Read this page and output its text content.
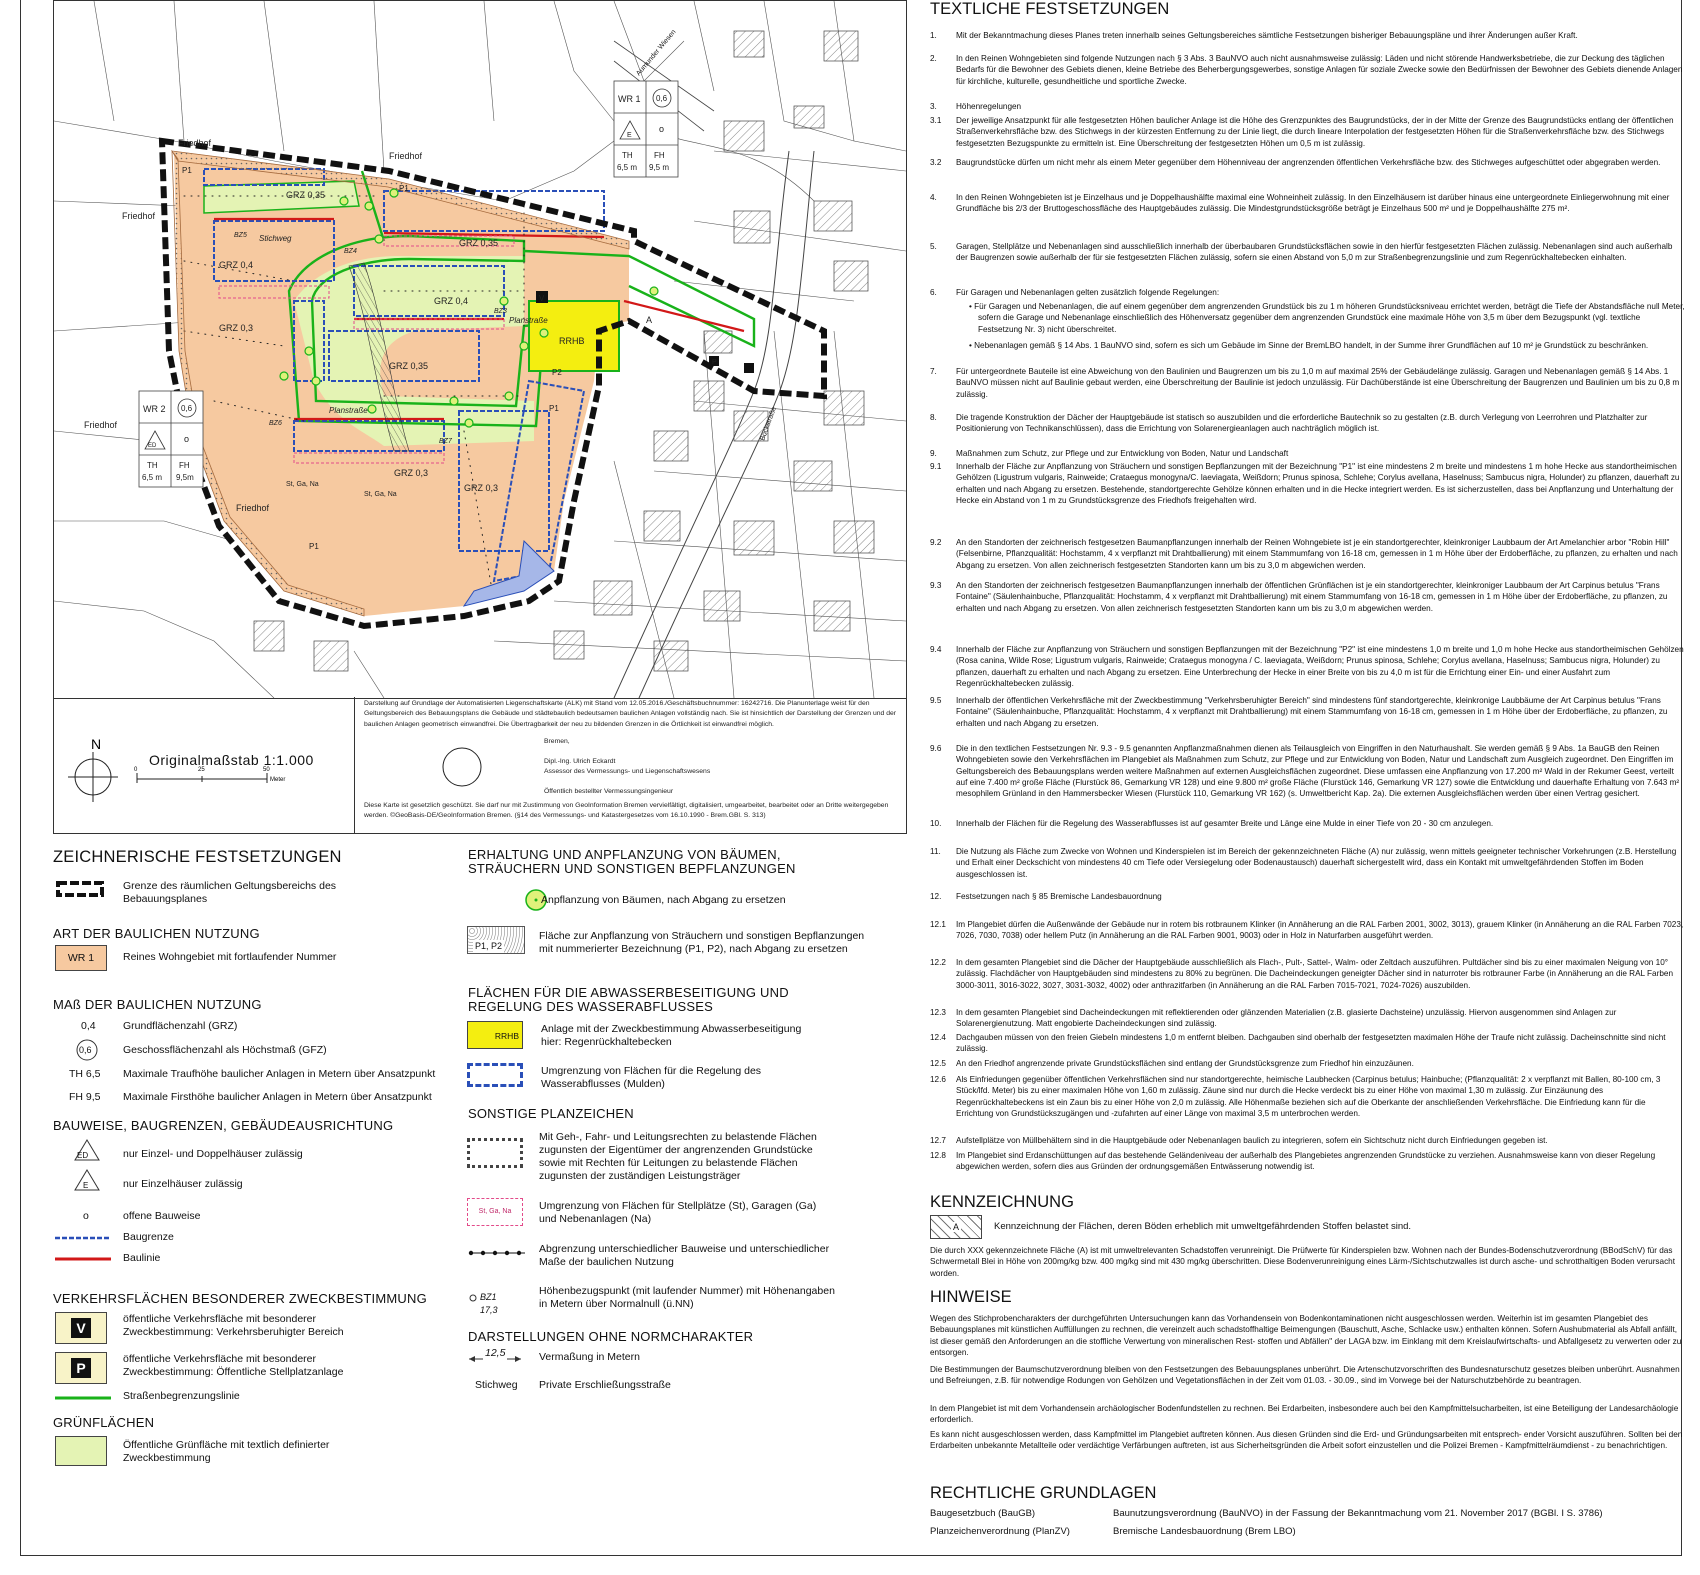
Friedhof
Friedhof
Friedhof
Friedhof
Friedhof
GRZ 0,35
GRZ 0,35
GRZ 0,4
GRZ 0,4
GRZ 0,3
GRZ 0,35
GRZ 0,3
GRZ 0,3
Stichweg
Planstraße
Planstraße
Aumunder Wiesen
Bockstraße
RRHB
P2
P1
P1
P1
P1
A
V
P
BZ5
BZ4
BZ3
BZ6
BZ7
St, Ga, Na
St, Ga, Na
WR 1 0,6
E
o
TH	FH
6,5 m 9,5 m
WR 2 0,6
ED
o
TH	FH
6,5 m 9,5m
N
0	25	50
Meter
Originalmaßstab 1:1.000

Darstellung auf Grundlage der Automatisierten Liegenschaftskarte (ALK) mit Stand vom 12.05.2016./Geschäftsbuchnummer: 16242716. Die Planunterlage weist für den Geltungsbereich des Bebauungsplans die Gebäude und städtebaulich bedeutsamen baulichen Anlagen vollständig nach. Sie ist hinsichtlich der Darstellung der Grenzen und der baulichen Anlagen geometrisch einwandfrei. Die Übertragbarkeit der neu zu bildenden Grenzen in die Örtlichkeit ist einwandfrei möglich.

Bremen,
Dipl.-Ing. Ulrich Eckardt
Assessor des Vermessungs- und Liegenschaftswesens
Öffentlich bestellter Vermessungsingenieur

Diese Karte ist gesetzlich geschützt. Sie darf nur mit Zustimmung von GeoInformation Bremen vervielfältigt, digitalisiert, umgearbeitet, bearbeitet oder an Dritte weitergegeben werden. ©GeoBasis-DE/GeoInformation Bremen. (§14 des Vermessungs- und Katastergesetzes vom 16.10.1990 - Brem.GBl. S. 313)

ZEICHNERISCHE FESTSETZUNGEN
Grenze des räumlichen Geltungsbereichs des Bebauungsplanes
ART DER BAULICHEN NUTZUNG
WR 1	Reines Wohngebiet mit fortlaufender Nummer
MAß DER BAULICHEN NUTZUNG
0,4	Grundflächenzahl (GRZ)
0,6	Geschossflächenzahl als Höchstmaß (GFZ)
TH 6,5 Maximale Traufhöhe baulicher Anlagen in Metern über Ansatzpunkt
FH 9,5 Maximale Firsthöhe baulicher Anlagen in Metern über Ansatzpunkt
BAUWEISE, BAUGRENZEN, GEBÄUDEAUSRICHTUNG
ED	nur Einzel- und Doppelhäuser zulässig
E	nur Einzelhäuser zulässig
o	offene Bauweise
Baugrenze
Baulinie
VERKEHRSFLÄCHEN BESONDERER ZWECKBESTIMMUNG
V
öffentliche Verkehrsfläche mit besonderer Zweckbestimmung: Verkehrsberuhigter Bereich
P
öffentliche Verkehrsfläche mit besonderer Zweckbestimmung: Öffentliche Stellplatzanlage
Straßenbegrenzungslinie
GRÜNFLÄCHEN
Öffentliche Grünfläche mit textlich definierter Zweckbestimmung
ERHALTUNG UND ANPFLANZUNG VON BÄUMEN, STRÄUCHERN UND SONSTIGEN BEPFLANZUNGEN
Anpflanzung von Bäumen, nach Abgang zu ersetzen
P1, P2
Fläche zur Anpflanzung von Sträuchern und sonstigen Bepflanzungen mit nummerierter Bezeichnung (P1, P2), nach Abgang zu ersetzen
FLÄCHEN FÜR DIE ABWASSERBESEITIGUNG UND REGELUNG DES WASSERABFLUSSES
RRHB
Anlage mit der Zweckbestimmung Abwasserbeseitigung hier: Regenrückhaltebecken
Umgrenzung von Flächen für die Regelung des Wasserabflusses (Mulden)
SONSTIGE PLANZEICHEN
Mit Geh-, Fahr- und Leitungsrechten zu belastende Flächen zugunsten der Eigentümer der angrenzenden Grundstücke sowie mit Rechten für Leitungen zu belastende Flächen zugunsten der zuständigen Leistungsträger
St, Ga, Na	Umgrenzung von Flächen für Stellplätze (St), Garagen (Ga) und Nebenanlagen (Na)
Abgrenzung unterschiedlicher Bauweise und unterschiedlicher Maße der baulichen Nutzung
BZ1
17,3
Höhenbezugspunkt (mit laufender Nummer) mit Höhenangaben in Metern über Normalnull (ü.NN)
DARSTELLUNGEN OHNE NORMCHARAKTER
12,5	Vermaßung in Metern
Stichweg Private Erschließungsstraße
TEXTLICHE FESTSETZUNGEN
1.	Mit der Bekanntmachung dieses Planes treten innerhalb seines Geltungsbereiches sämtliche Festsetzungen bisheriger Bebauungspläne und ihrer Änderungen außer Kraft.
2.	In den Reinen Wohngebieten sind folgende Nutzungen nach § 3 Abs. 3 BauNVO auch nicht ausnahmsweise zulässig: Läden und nicht störende Handwerksbetriebe, die zur Deckung des täglichen Bedarfs für die Bewohner des Gebiets dienen, kleine Betriebe des Beherbergungsgewerbes, sonstige Anlagen für soziale Zwecke sowie den Bedürfnissen der Bewohner des Gebiets dienende Anlagen für kirchliche, kulturelle, gesundheitliche und sportliche Zwecke.
3.	Höhenregelungen
3.1	Der jeweilige Ansatzpunkt für alle festgesetzten Höhen baulicher Anlage ist die Höhe des Grenzpunktes des Baugrundstücks, der in der Mitte der Grenze des Baugrundstücks entlang der öffentlichen Straßenverkehrsfläche bzw. des Stichwegs in der kürzesten Entfernung zu der Linie liegt, die durch lineare Interpolation der festgesetzten Höhen für die Straßenverkehrsfläche bzw. des Stichwegs festgesetzten Bezugspunkte zu ermitteln ist. Eine Überschreitung der festgesetzten Höhen um 0,5 m ist zulässig.
3.2	Baugrundstücke dürfen um nicht mehr als einem Meter gegenüber dem Höhenniveau der angrenzenden öffentlichen Verkehrsfläche bzw. des Stichweges aufgeschüttet oder abgegraben werden.
4.	In den Reinen Wohngebieten ist je Einzelhaus und je Doppelhaushälfte maximal eine Wohneinheit zulässig. In den Einzelhäusern ist darüber hinaus eine untergeordnete Einliegerwohnung mit einer Grundfläche bis 2/3 der Bruttogeschossfläche des Hauptgebäudes zulässig. Die Mindestgrundstücksgröße beträgt je Einzelhaus 500 m² und je Doppelhaushälfte 275 m².
5.	Garagen, Stellplätze und Nebenanlagen sind ausschließlich innerhalb der überbaubaren Grundstücksflächen sowie in den hierfür festgesetzten Flächen zulässig. Nebenanlagen sind auch außerhalb der Baugrenzen sowie außerhalb der für sie festgesetzten Flächen zulässig, sofern sie einen Abstand von 5,0 m zur Straßenbegrenzungslinie und zum Regenrückhaltebecken einhalten.
6.	Für Garagen und Nebenanlagen gelten zusätzlich folgende Regelungen:
• Für Garagen und Nebenanlagen, die auf einem gegenüber dem angrenzenden Grundstück bis zu 1 m höheren Grundstücksniveau errichtet werden, beträgt die Tiefe der Abstandsfläche null Meter, sofern die Garage und Nebenanlage einschließlich des Höhenversatz gegenüber dem angrenzenden Grundstück eine maximale Höhe von 3,5 m über dem Bezugspunkt (vgl. textliche Festsetzung Nr. 3) nicht überschreitet.
• Nebenanlagen gemäß § 14 Abs. 1 BauNVO sind, sofern es sich um Gebäude im Sinne der BremLBO handelt, in der Summe ihrer Grundflächen auf 10 m² je Grundstück zu beschränken.
7.	Für untergeordnete Bauteile ist eine Abweichung von den Baulinien und Baugrenzen um bis zu 1,0 m auf maximal 25% der Gebäudelänge zulässig. Garagen und Nebenanlagen gemäß § 14 Abs. 1 BauNVO müssen nicht auf Baulinie gebaut werden, eine Überschreitung der Baulinie ist jedoch unzulässig. Für Dachüberstände ist eine Überschreitung der Baugrenzen und Baulinien um bis zu 0,8 m zulässig.
8.	Die tragende Konstruktion der Dächer der Hauptgebäude ist statisch so auszubilden und die erforderliche Bautechnik so zu gestalten (z.B. durch Verlegung von Leerrohren und Platzhalter zur Positionierung von Technikanschlüssen), dass die Errichtung von Solarenergieanlagen auch nachträglich möglich ist.
9.	Maßnahmen zum Schutz, zur Pflege und zur Entwicklung von Boden, Natur und Landschaft
9.1	Innerhalb der Fläche zur Anpflanzung von Sträuchern und sonstigen Bepflanzungen mit der Bezeichnung "P1" ist eine mindestens 2 m breite und mindestens 1 m hohe Hecke aus standortheimischen Gehölzen (Ligustrum vulgaris, Rainweide; Crataegus monogyna/C. laeviagata, Weißdorn; Prunus spinosa, Schlehe; Corylus avellana, Haselnuss; Sambucus nigra, Holunder) zu pflanzen, dauerhaft zu erhalten und nach Abgang zu ersetzen. Bestehende, standortgerechte Gehölze können erhalten und in die Hecke integriert werden. Es ist sicherzustellen, dass bei Anpflanzung und Unterhaltung der Hecke ein Abstand von 1 m zu Grundstücksgrenze des Friedhofs freigehalten wird.
9.2	An den Standorten der zeichnerisch festgesetzen Baumanpflanzungen innerhalb der Reinen Wohngebiete ist je ein standortgerechter, kleinkroniger Laubbaum der Art Amelanchier arbor "Robin Hill" (Felsenbirne, Pflanzqualität: Hochstamm, 4 x verpflanzt mit Drahtballierung) mit einem Stammumfang von 16-18 cm, gemessen in 1 m Höhe über der Erdoberfläche, zu pflanzen, zu erhalten und nach Abgang zu ersetzen. Von allen zeichnerisch festgesetzten Standorten kann um bis zu 3,0 m abgewichen werden.
9.3	An den Standorten der zeichnerisch festgesetzen Baumanpflanzungen innerhalb der öffentlichen Grünflächen ist je ein standortgerechter, kleinkroniger Laubbaum der Art Carpinus betulus "Frans Fontaine" (Säulenhainbuche, Pflanzqualität: Hochstamm, 4 x verpflanzt mit Drahtballierung) mit einem Stammumfang von 16-18 cm, gemessen in 1 m Höhe über der Erdoberfläche, zu pflanzen, zu erhalten und nach Abgang zu ersetzen. Von allen zeichnerisch festgesetzten Standorten kann um bis zu 3,0 m abgewichen werden.
9.4	Innerhalb der Fläche zur Anpflanzung von Sträuchern und sonstigen Bepflanzungen mit der Bezeichnung "P2" ist eine mindestens 1,0 m breite und 1,0 m hohe Hecke aus standortheimischen Gehölzen (Rosa canina, Wilde Rose; Ligustrum vulgaris, Rainweide; Crataegus monogyna / C. laeviagata, Weißdorn; Prunus spinosa, Schlehe; Corylus avellana, Haselnuss; Sambucus nigra, Holunder) zu pflanzen, dauerhaft zu erhalten und nach Abgang zu ersetzen. Eine Unterbrechung der Hecke in einer Breite von bis zu 4,0 m ist für die Errichtung einer Ein- und einer Ausfahrt zum Regenrückhaltebecken zulässig.
9.5	Innerhalb der öffentlichen Verkehrsfläche mit der Zweckbestimmung "Verkehrsberuhigter Bereich" sind mindestens fünf standortgerechte, kleinkronige Laubbäume der Art Carpinus betulus "Frans Fontaine" (Säulenhainbuche, Pflanzqualität: Hochstamm, 4 x verpflanzt mit Drahtballierung) mit einem Stammumfang von 16-18 cm, gemessen in 1 m Höhe über der Erdoberfläche, zu pflanzen, zu erhalten und nach Abgang zu ersetzen.
9.6	Die in den textlichen Festsetzungen Nr. 9.3 - 9.5 genannten Anpflanzmaßnahmen dienen als Teilausgleich von Eingriffen in den Naturhaushalt. Sie werden gemäß § 9 Abs. 1a BauGB den Reinen Wohngebieten sowie den Verkehrsflächen im Plangebiet als Maßnahmen zum Schutz, zur Pflege und zur Entwicklung von Boden, Natur und Landschaft zum Ausgleich zugeordnet. Den Eingriffen im Geltungsbereich des Bebauungsplans werden weitere Maßnahmen auf externen Ausgleichsflächen zugeordnet. Diese umfassen eine Anpflanzung von 17.200 m² Wald in der Rekumer Geest, verteilt auf eine 7.400 m² große Fläche (Flurstück 86, Gemarkung VR 128) und eine 9.800 m² große Fläche (Flurstück 146, Gemarkung VR 127) sowie die Entwicklung und dauerhafte Erhaltung von 7.643 m² mesophilem Grünland in den Hammersbecker Wiesen (Flurstück 110, Gemarkung VR 162) (s. Umweltbericht Kap. 2a). Die externen Ausgleichsflächen werden über einen Vertrag gesichert.
10.	Innerhalb der Flächen für die Regelung des Wasserabflusses ist auf gesamter Breite und Länge eine Mulde in einer Tiefe von 20 - 30 cm anzulegen.
11.	Die Nutzung als Fläche zum Zwecke von Wohnen und Kinderspielen ist im Bereich der gekennzeichneten Fläche (A) nur zulässig, wenn mittels geeigneter technischer Vorkehrungen (z.B. Herstellung und Erhalt einer Deckschicht von mindestens 40 cm Tiefe oder Versiegelung oder Bodenaustausch) dauerhaft sichergestellt wird, dass ein Kontakt mit umweltgefährdenden Stoffen im Boden ausgeschlossen ist.
12.	Festsetzungen nach § 85 Bremische Landesbauordnung
12.1	Im Plangebiet dürfen die Außenwände der Gebäude nur in rotem bis rotbraunem Klinker (in Annäherung an die RAL Farben 2001, 3002, 3013), grauem Klinker (in Annäherung an die RAL Farben 7023, 7026, 7030, 7038) oder hellem Putz (in Annäherung an die RAL Farben 9001, 9003) oder in Holz in Naturfarben ausgeführt werden.
12.2	In dem gesamten Plangebiet sind die Dächer der Hauptgebäude ausschließlich als Flach-, Pult-, Sattel-, Walm- oder Zeltdach auszuführen. Pultdächer sind bis zu einer maximalen Neigung von 10° zulässig. Flachdächer von Hauptgebäuden sind mindestens zu 80% zu begrünen. Die Dacheindeckungen geneigter Dächer sind in naturroter bis rotbrauner Farbe (in Annäherung an die RAL Farben 3000-3011, 3016-3022, 3027, 3031-3032, 4002) oder anthrazitfarben (in Annäherung an die RAL Farben 7015-7021, 7024-7026) auszubilden.
12.3	In dem gesamten Plangebiet sind Dacheindeckungen mit reflektierenden oder glänzenden Materialien (z.B. glasierte Dachsteine) unzulässig. Hiervon ausgenommen sind Anlagen zur Solarenergienutzung. Matt engobierte Dacheindeckungen sind zulässig.
12.4	Dachgauben müssen von den freien Giebeln mindestens 1,0 m entfernt bleiben. Dachgauben sind oberhalb der festgesetzten maximalen Höhe der Traufe nicht zulässig. Dacheinschnitte sind nicht zulässig.
12.5	An den Friedhof angrenzende private Grundstücksflächen sind entlang der Grundstücksgrenze zum Friedhof hin einzuzäunen.
12.6	Als Einfriedungen gegenüber öffentlichen Verkehrsflächen sind nur standortgerechte, heimische Laubhecken (Carpinus betulus; Hainbuche; (Pflanzqualität: 2 x verpflanzt mit Ballen, 80-100 cm, 3 Stück/lfd. Meter) bis zu einer maximalen Höhe von 1,60 m zulässig. Zäune sind nur durch die Hecke verdeckt bis zu einer Höhe von maximal 1,30 m zulässig. Zur Einzäunung des Regenrückhaltebeckens ist ein Zaun bis zu einer Höhe von 2,0 m zulässig. Alle Höhenmaße beziehen sich auf die Oberkante der anschließenden Verkehrsfläche. Die Einfriedung kann für die Errichtung von Grundstückszugängen und -zufahrten auf einer Länge von maximal 3,5 m unterbrochen werden.
12.7	Aufstellplätze von Müllbehältern sind in die Hauptgebäude oder Nebenanlagen baulich zu integrieren, sofern ein Sichtschutz nicht durch Einfriedungen gegeben ist.
12.8	Im Plangebiet sind Erdanschüttungen auf das bestehende Geländeniveau der außerhalb des Plangebietes angrenzenden Grundstücke zu verziehen. Ausnahmsweise kann von dieser Regelung abgewichen werden, sofern dies aus Gründen der ordnungsgemäßen Entwässerung notwendig ist.
KENNZEICHNUNG
A	Kennzeichnung der Flächen, deren Böden erheblich mit umweltgefährdenden Stoffen belastet sind.
Die durch XXX gekennzeichnete Fläche (A) ist mit umweltrelevanten Schadstoffen verunreinigt. Die Prüfwerte für Kinderspielen bzw. Wohnen nach der Bundes-Bodenschutzverordnung (BBodSchV) für das Schwermetall Blei in Höhe von 200mg/kg bzw. 400 mg/kg sind mit 430 mg/kg überschritten. Diese Bodenverunreinigung eines Lärm-/Sichtschutzwalles ist durch asche- und schrotthaltigen Boden verursacht worden.
HINWEISE
Wegen des Stichprobencharakters der durchgeführten Untersuchungen kann das Vorhandensein von Bodenkontaminationen nicht ausgeschlossen werden. Weiterhin ist im gesamten Plangebiet des Bebauungsplanes mit künstlichen Auffüllungen zu rechnen, die vereinzelt auch schadstoffhaltige Beimengungen (Bauschutt, Asche, Schlacke usw.) enthalten können. Sofern Aushubmaterial als Abfall anfällt, ist dieser gemäß den Anforderungen an die stoffliche Verwertung von mineralischen Rest- stoffen und Abfällen" der LAGA bzw. im Einklang mit dem Kreislaufwirtschafts- und Abfallgesetz zu verwerten oder zu entsorgen.
Die Bestimmungen der Baumschutzverordnung bleiben von den Festsetzungen des Bebauungsplanes unberührt. Die Artenschutzvorschriften des Bundesnaturschutz gesetzes bleiben unberührt. Ausnahmen und Befreiungen, z.B. für notwendige Rodungen von Gehölzen und Vegetationsflächen in der Zeit vom 01.03. - 30.09., sind im Vorwege bei der Naturschutzbehörde zu beantragen.
In dem Plangebiet ist mit dem Vorhandensein archäologischer Bodenfundstellen zu rechnen. Bei Erdarbeiten, insbesondere auch bei den Kampfmittelsucharbeiten, ist eine Beteiligung der Landesarchäologie erforderlich.
Es kann nicht ausgeschlossen werden, dass Kampfmittel im Plangebiet auftreten können. Aus diesen Gründen sind die Erd- und Gründungsarbeiten mit entsprech- ender Vorsicht auszuführen. Sollten bei den Erdarbeiten unbekannte Metallteile oder verdächtige Verfärbungen auftreten, ist aus Sicherheitsgründen die Arbeit sofort einzustellen und die Polizei Bremen - Kampfmittelräumdienst - zu benachrichtigen.
RECHTLICHE GRUNDLAGEN
Baugesetzbuch (BauGB)	Baunutzungsverordnung (BauNVO) in der Fassung der Bekanntmachung vom 21. November 2017 (BGBl. I S. 3786)
Planzeichenverordnung (PlanZV)	Bremische Landesbauordnung (Brem LBO)
